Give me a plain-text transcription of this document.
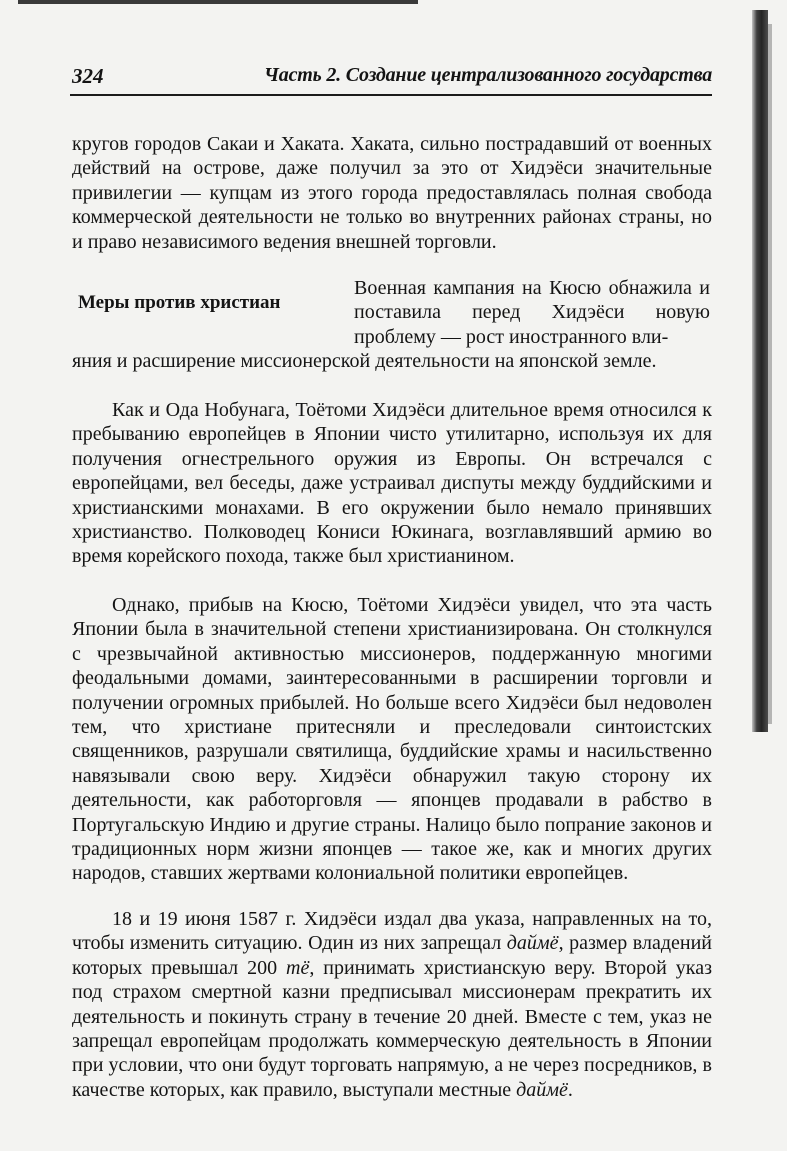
324	Часть 2. Создание централизованного государства

кругов городов Сакаи и Хаката. Хаката, сильно пострадавший от военных действий на острове, даже получил за это от Хидэёси значительные привилегии — купцам из этого города предоставлялась полная свобода коммерческой деятельности не только во внутренних районах страны, но и право независимого ведения внешней торговли.

Меры против христиан

Военная кампания на Кюсю обнажила и поставила перед Хидэёси новую проблему — рост иностранного вли-

яния и расширение миссионерской деятельности на японской земле.

Как и Ода Нобунага, Тоётоми Хидэёси длительное время относился к пребыванию европейцев в Японии чисто утилитарно, используя их для получения огнестрельного оружия из Европы. Он встречался с европейцами, вел беседы, даже устраивал диспуты между буддийскими и христианскими монахами. В его окружении было немало принявших христианство. Полководец Кониси Юкинага, возглавлявший армию во время корейского похода, также был христианином.

Однако, прибыв на Кюсю, Тоётоми Хидэёси увидел, что эта часть Японии была в значительной степени христианизирована. Он столкнулся с чрезвычайной активностью миссионеров, поддержанную многими феодальными домами, заинтересованными в расширении торговли и получении огромных прибылей. Но больше всего Хидэёси был недоволен тем, что христиане притесняли и преследовали синтоистских священников, разрушали святилища, буддийские храмы и насильственно навязывали свою веру. Хидэёси обнаружил такую сторону их деятельности, как работорговля — японцев продавали в рабство в Португальскую Индию и другие страны. Налицо было попрание законов и традиционных норм жизни японцев — такое же, как и многих других народов, ставших жертвами колониальной политики европейцев.

18 и 19 июня 1587 г. Хидэёси издал два указа, направленных на то, чтобы изменить ситуацию. Один из них запрещал даймё, размер владений которых превышал 200 тё, принимать христианскую веру. Второй указ под страхом смертной казни предписывал миссионерам прекратить их деятельность и покинуть страну в течение 20 дней. Вместе с тем, указ не запрещал европейцам продолжать коммерческую деятельность в Японии при условии, что они будут торговать напрямую, а не через посредников, в качестве которых, как правило, выступали местные даймё.
